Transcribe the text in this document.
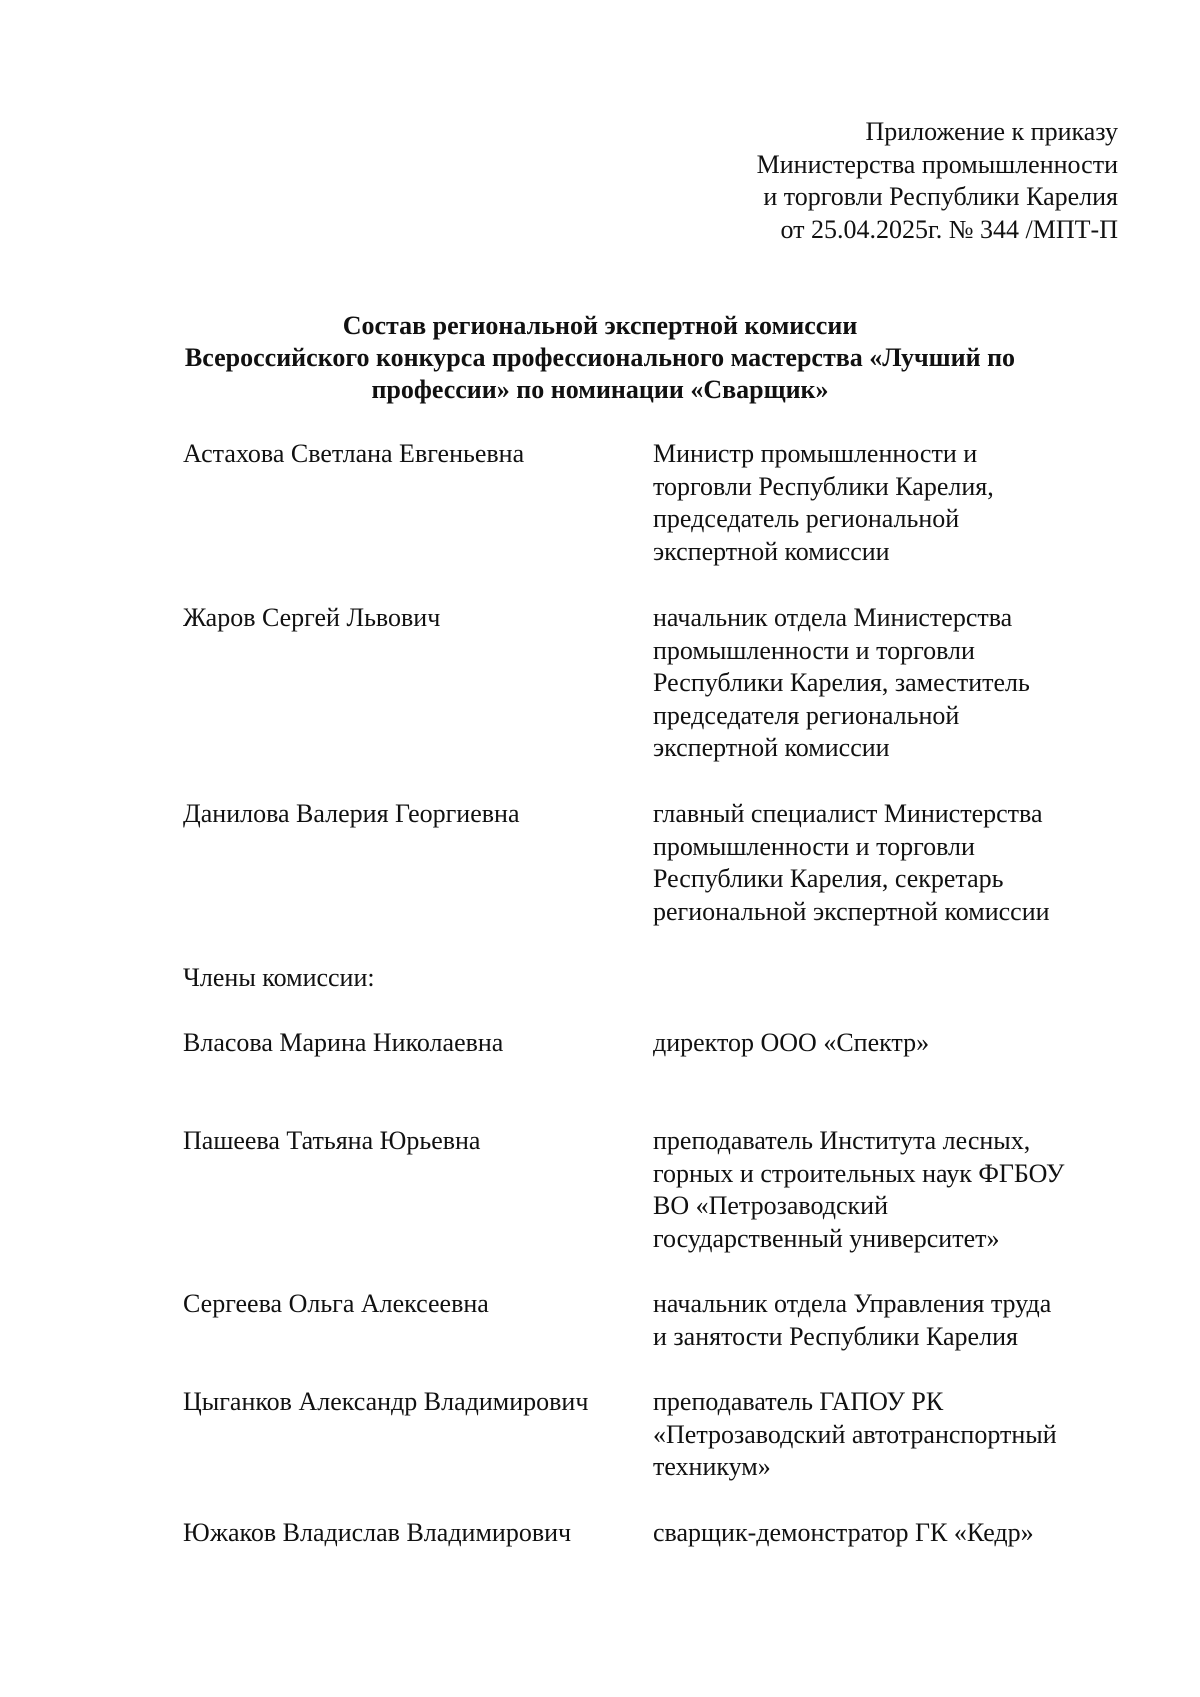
Приложение к приказу
Министерства промышленности
и торговли Республики Карелия
от 25.04.2025г. № 344 /МПТ-П
Состав региональной экспертной комиссии
Всероссийского конкурса профессионального мастерства «Лучший по
профессии» по номинации «Сварщик»
Астахова Светлана Евгеньевна	Министр промышленности и
торговли Республики Карелия,
председатель региональной
экспертной комиссии
Жаров Сергей Львович	начальник отдела Министерства
промышленности и торговли
Республики Карелия, заместитель
председателя региональной
экспертной комиссии
Данилова Валерия Георгиевна	главный специалист Министерства
промышленности и торговли
Республики Карелия, секретарь
региональной экспертной комиссии
Члены комиссии:
Власова Марина Николаевна	директор ООО «Спектр»
Пашеева Татьяна Юрьевна	преподаватель Института лесных,
горных и строительных наук ФГБОУ
ВО «Петрозаводский
государственный университет»
Сергеева Ольга Алексеевна	начальник отдела Управления труда
и занятости Республики Карелия
Цыганков Александр Владимирович преподаватель ГАПОУ РК
«Петрозаводский автотранспортный
техникум»
Южаков Владислав Владимирович	сварщик-демонстратор ГК «Кедр»
